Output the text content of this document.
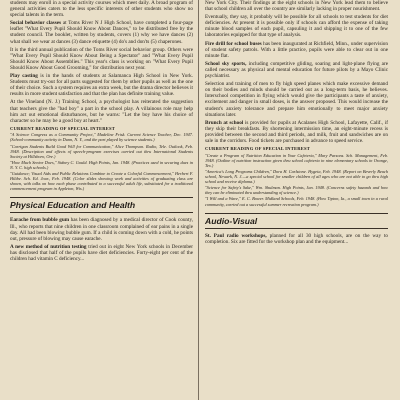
students may enroll in a special activity courses which meet daily. A broad program of general activities caters to the less specific interests of other students who show no special talents in the term.

Social behavior classes at Toms River N J High School, have completed a four-page leaflet "What Every Pupil Should Know About Dances," to be distributed free by the student council. The booklet, written by students, covers (1) why we have dances (2) what shall we wear at dances (3) dance etiquette (4) do's and don'ts (5) chaperones.

It is the third annual publication of the Toms River social behavior group. Others were "What Every Pupil Should Know About Being a Spectator" and "What Every Pupil Should Know About Assemblies." This year's class is working on "What Every Pupil Should Know About Good Grooming," for distribution next year.

Play casting is in the hands of students at Salamanca High School in New York. Students must try-out for all parts suggested for them by other pupils as well as the one of their choice. Such a system requires an extra week, but the drama director believes it results in more student satisfaction and that the plan has definite training value.

At the Vineland (N. J.) Training School, a psychologist has reiterated the suggestion that teachers give the "bad boy" a part in the school play. A villainous role may help him act out emotional disturbances, but he warns: "Let the boy have his choice of character so he may be a good boy at heart."

CURRENT READING OF SPECIAL INTEREST

"A Science Congress as a Community Project," Madeline Frisk. Current Science Teacher, Dec. 1947. (School-community activity in Dunn, N. Y., and the part played by science students.)

"Carrigan Students Build Good Will for Communication," Alice Thompson. Radio, Tele. Outlook, Feb. 1948. (Description and effects of speech-program exercises carried out thru International Students Society at Hillsboro, Ore.)

"How Much Senior Does," Sidney C. Gould. High Points, Jan. 1948. (Practices used in securing dues in N. Y. C. high schools.)

"Guidance; Visual Aids and Public Relations Combine to Create a Colorful Commencement," Herbert F. Hiltbe. Sch. Ed. Jour., Feb. 1948. (Color slides showing work and activities of graduating class are shown, with talks on how each phase contributed to a successful adult life, substituted for a traditional commencement program in Appleton, Wis.)

Physical Education and Health

Earache from bubble gum has been diagnosed by a medical director of Cook county, Ill., who reports that nine children in one classroom complained of ear pains in a single day. All had been blowing bubble gum. If a child is coming down with a cold, he points out, pressure of blowing may cause earache.

A new method of nutrition testing tried out in eight New York schools in December has disclosed that half of the pupils have diet deficiencies. Forty-eight per cent of the children had vitamin C deficiency...

New York City. Their findings at the eight schools in New York lead them to believe that school children all over the country are similarly lacking in proper nourishment.

Eventually, they say, it probably will be possible for all schools to test students for diet deficiencies. At present it is possible only if schools can afford the expense of taking minute blood samples of each pupil, capsuling it and shipping it to one of the few laboratories equipped for that type of analysis.

Fire drill for school buses has been inaugurated at Richfield, Minn., under supervision of student safety patrols. With a little practice, pupils were able to clear out in one minute flat.

School sky sports, including competitive gliding, soaring and light-plane flying are called necessary as physical and mental education for future pilots by a Mayo Clinic psychiatrist.

Selection and training of men to fly high speed planes which make excessive demand on their bodies and minds should be carried out as a long-term basis, he believes. Interschool competition in flying which would give the participants a taste of anxiety, excitement and danger in small doses, is the answer proposed. This would increase the student's anxiety tolerance and prepare him emotionally to meet major anxiety situations later.

Brunch at school is provided for pupils at Acalanes High School, Lafayette, Calif., if they skip their breakfasts. By shortening intermission time, an eight-minute recess is provided between the second and third periods, and milk, fruit and sandwiches are on sale in the corridors. Food tickets are purchased in advance to speed service.

CURRENT READING OF SPECIAL INTEREST

"Create a Program of Nutrition Education in Your Cafeteria," Mary Parsons. Sch. Management, Feb. 1948. (Outline of nutrition instruction given thru school cafeteria in nine elementary schools in Orange, Tex.)

"America's Long Programs Children," Dora H. Carlstone. Hygeia, Feb. 1948. (Report on Beverly Beach school, Newark, N. J.—a special school for smaller children of all ages who are not able to go thru high school and receive diploma.)

"Science for Safety's Sake," Wm. Shulman. High Points, Jan. 1948. (Concerns safety hazards and how they can be eliminated thru understanding of science.)

"I Will and a Wave," E. C. Bower. Midland Schools, Feb. 1948. (How Tipton, Ia., a small town in a rural community, carried out a successful summer recreation program.)

Audio-Visual

St. Paul radio workshops, planned for all 30 high schools, are on the way to completion. Six are fitted for the workshop plan and the equipment...
